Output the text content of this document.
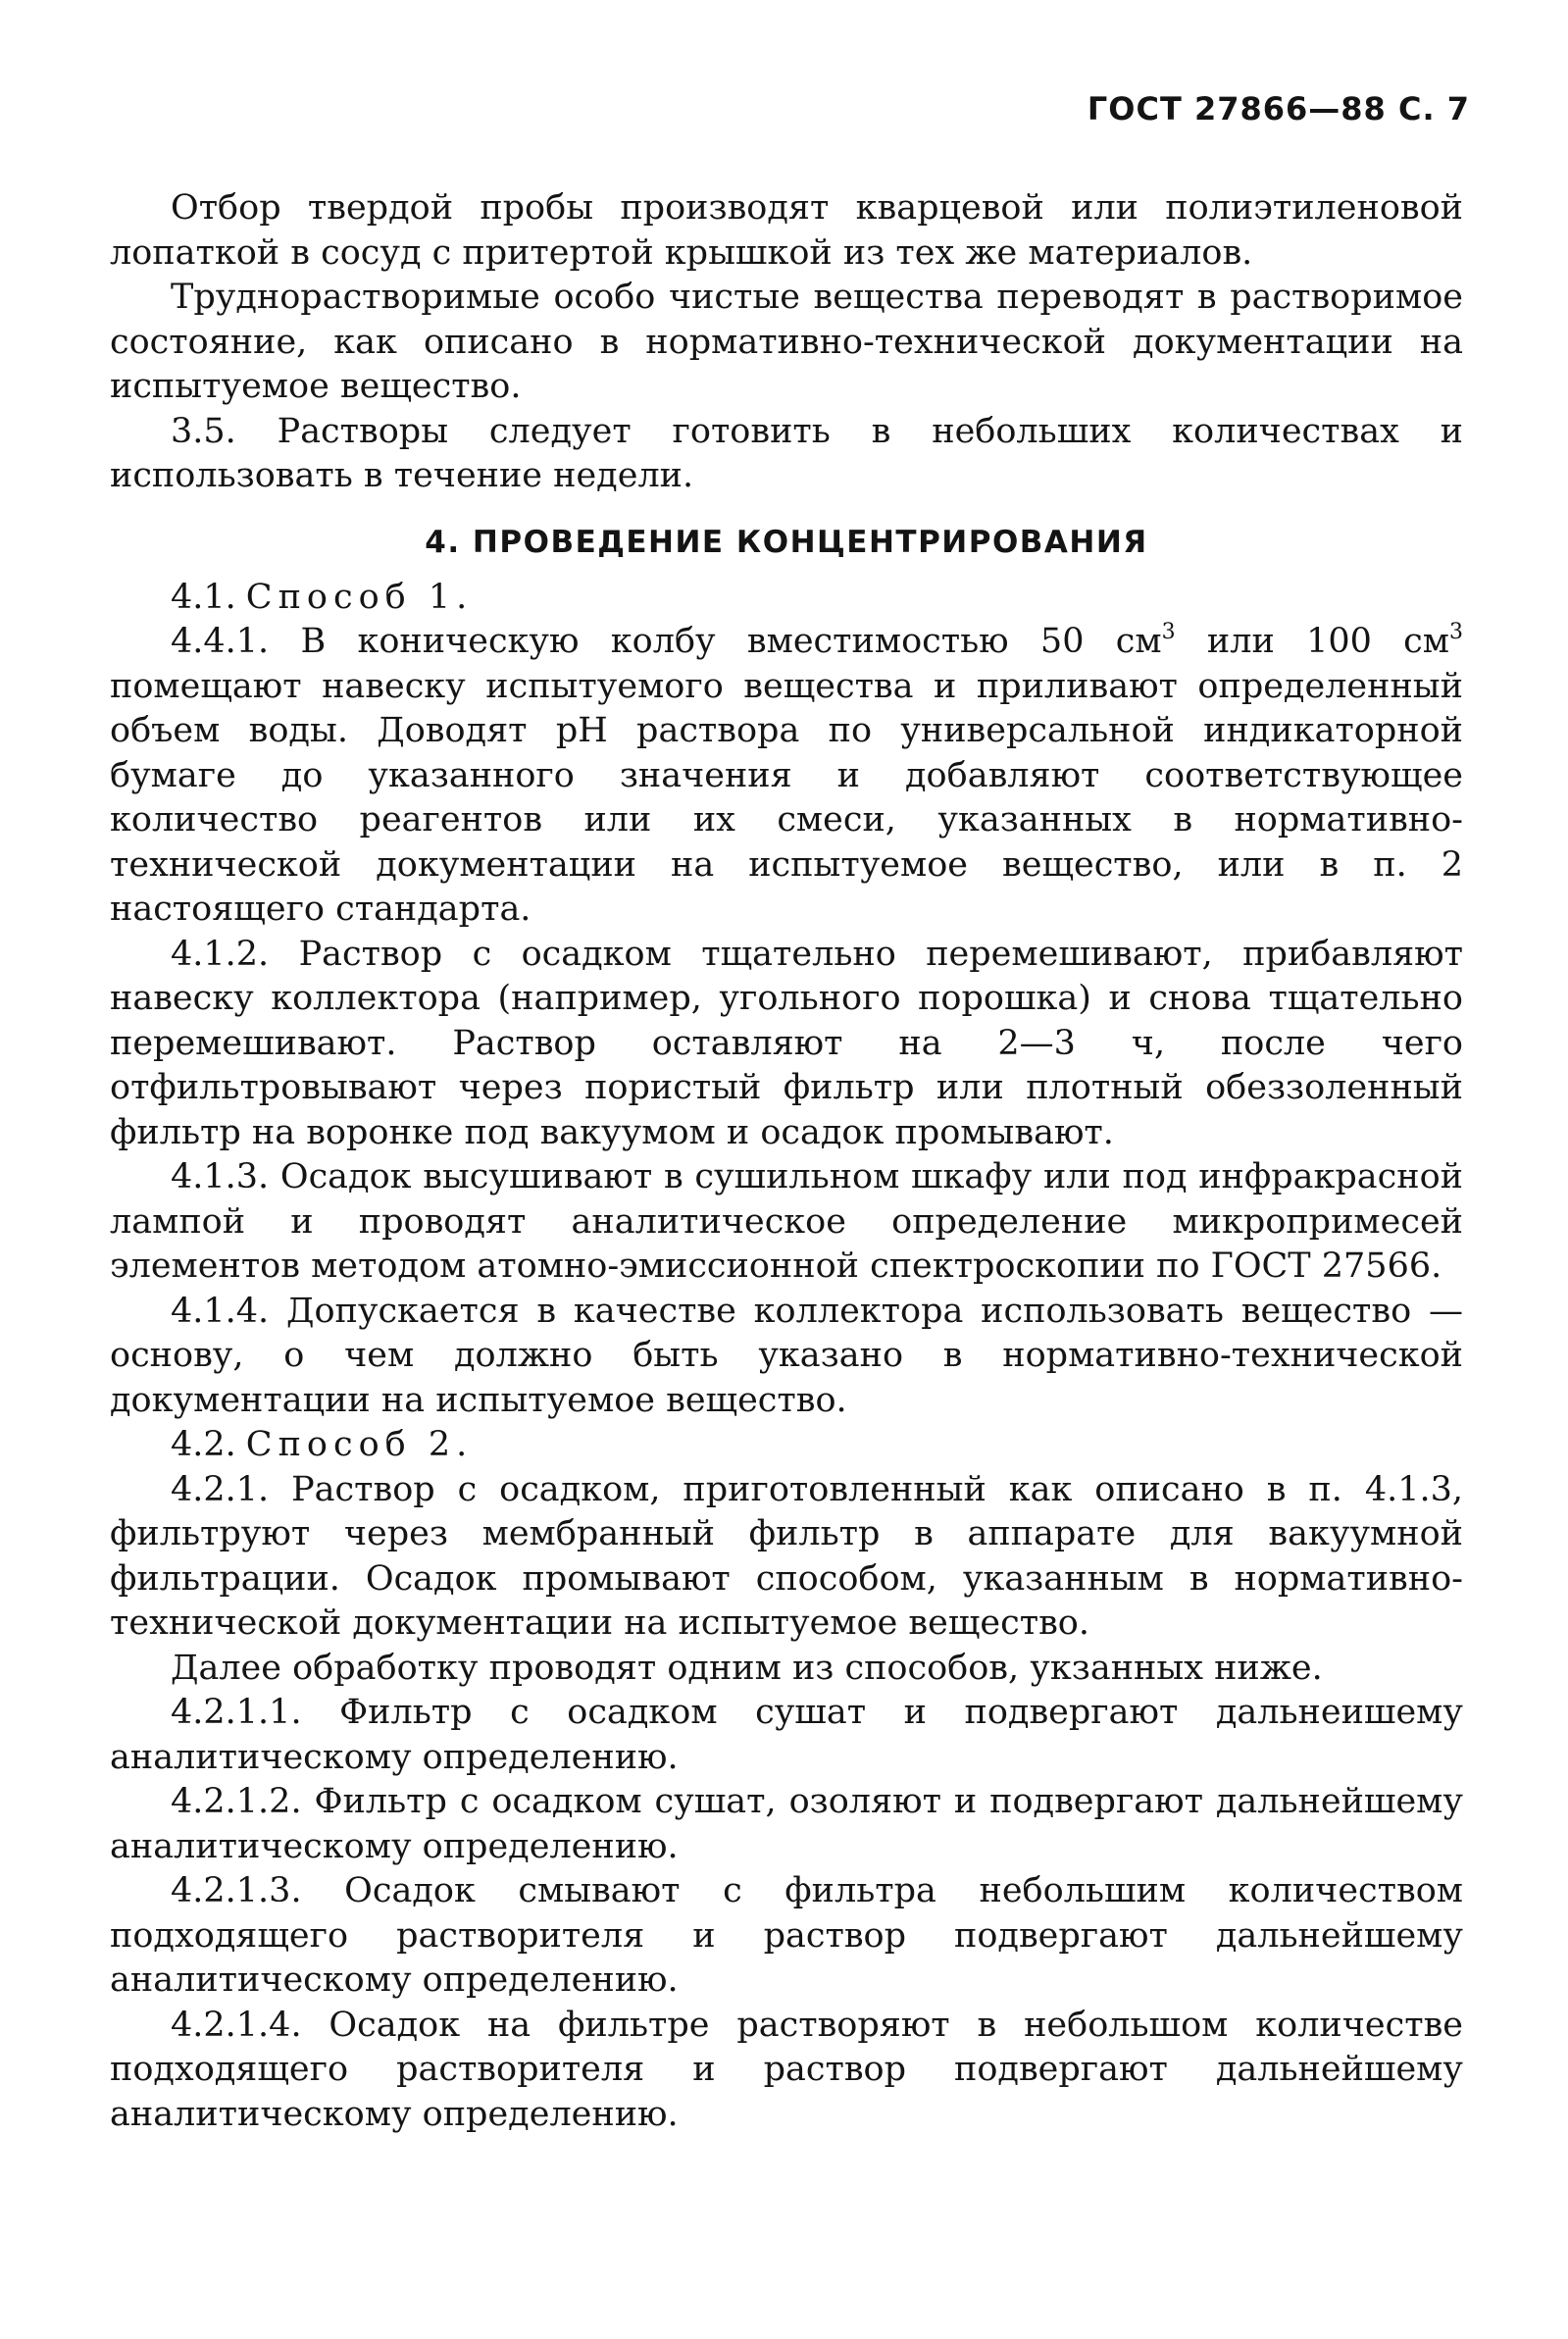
ГОСТ 27866—88 С. 7

Отбор твердой пробы производят кварцевой или полиэтиленовой лопаткой в сосуд с притертой крышкой из тех же материалов.

Труднорастворимые особо чистые вещества переводят в растворимое состояние, как описано в нормативно-технической документации на испытуемое вещество.

3.5. Растворы следует готовить в небольших количествах и использовать в течение недели.

4. ПРОВЕДЕНИЕ КОНЦЕНТРИРОВАНИЯ

4.1. Способ 1.

4.4.1. В коническую колбу вместимостью 50 $см^3$ или 100 $см^3$ помещают навеску испытуемого вещества и приливают определенный объем воды. Доводят рН раствора по универсальной индикаторной бумаге до указанного значения и добавляют соответствующее количество реагентов или их смеси, указанных в нормативно-технической документации на испытуемое вещество, или в п. 2 настоящего стандарта.

4.1.2. Раствор с осадком тщательно перемешивают, прибавляют навеску коллектора (например, угольного порошка) и снова тщательно перемешивают. Раствор оставляют на 2—3 ч, после чего отфильтровывают через пористый фильтр или плотный обеззоленный фильтр на воронке под вакуумом и осадок промывают.

4.1.3. Осадок высушивают в сушильном шкафу или под инфракрасной лампой и проводят аналитическое определение микропримесей элементов методом атомно-эмиссионной спектроскопии по ГОСТ 27566.

4.1.4. Допускается в качестве коллектора использовать вещество — основу, о чем должно быть указано в нормативно-технической документации на испытуемое вещество.

4.2. Способ 2.

4.2.1. Раствор с осадком, приготовленный как описано в п. 4.1.3, фильтруют через мембранный фильтр в аппарате для вакуумной фильтрации. Осадок промывают способом, указанным в нормативно-технической документации на испытуемое вещество.

Далее обработку проводят одним из способов, укзанных ниже.

4.2.1.1. Фильтр с осадком сушат и подвергают дальнеишему аналитическому определению.

4.2.1.2. Фильтр с осадком сушат, озоляют и подвергают дальнейшему аналитическому определению.

4.2.1.3. Осадок смывают с фильтра небольшим количеством подходящего растворителя и раствор подвергают дальнейшему аналитическому определению.

4.2.1.4. Осадок на фильтре растворяют в небольшом количестве подходящего растворителя и раствор подвергают дальнейшему аналитическому определению.
